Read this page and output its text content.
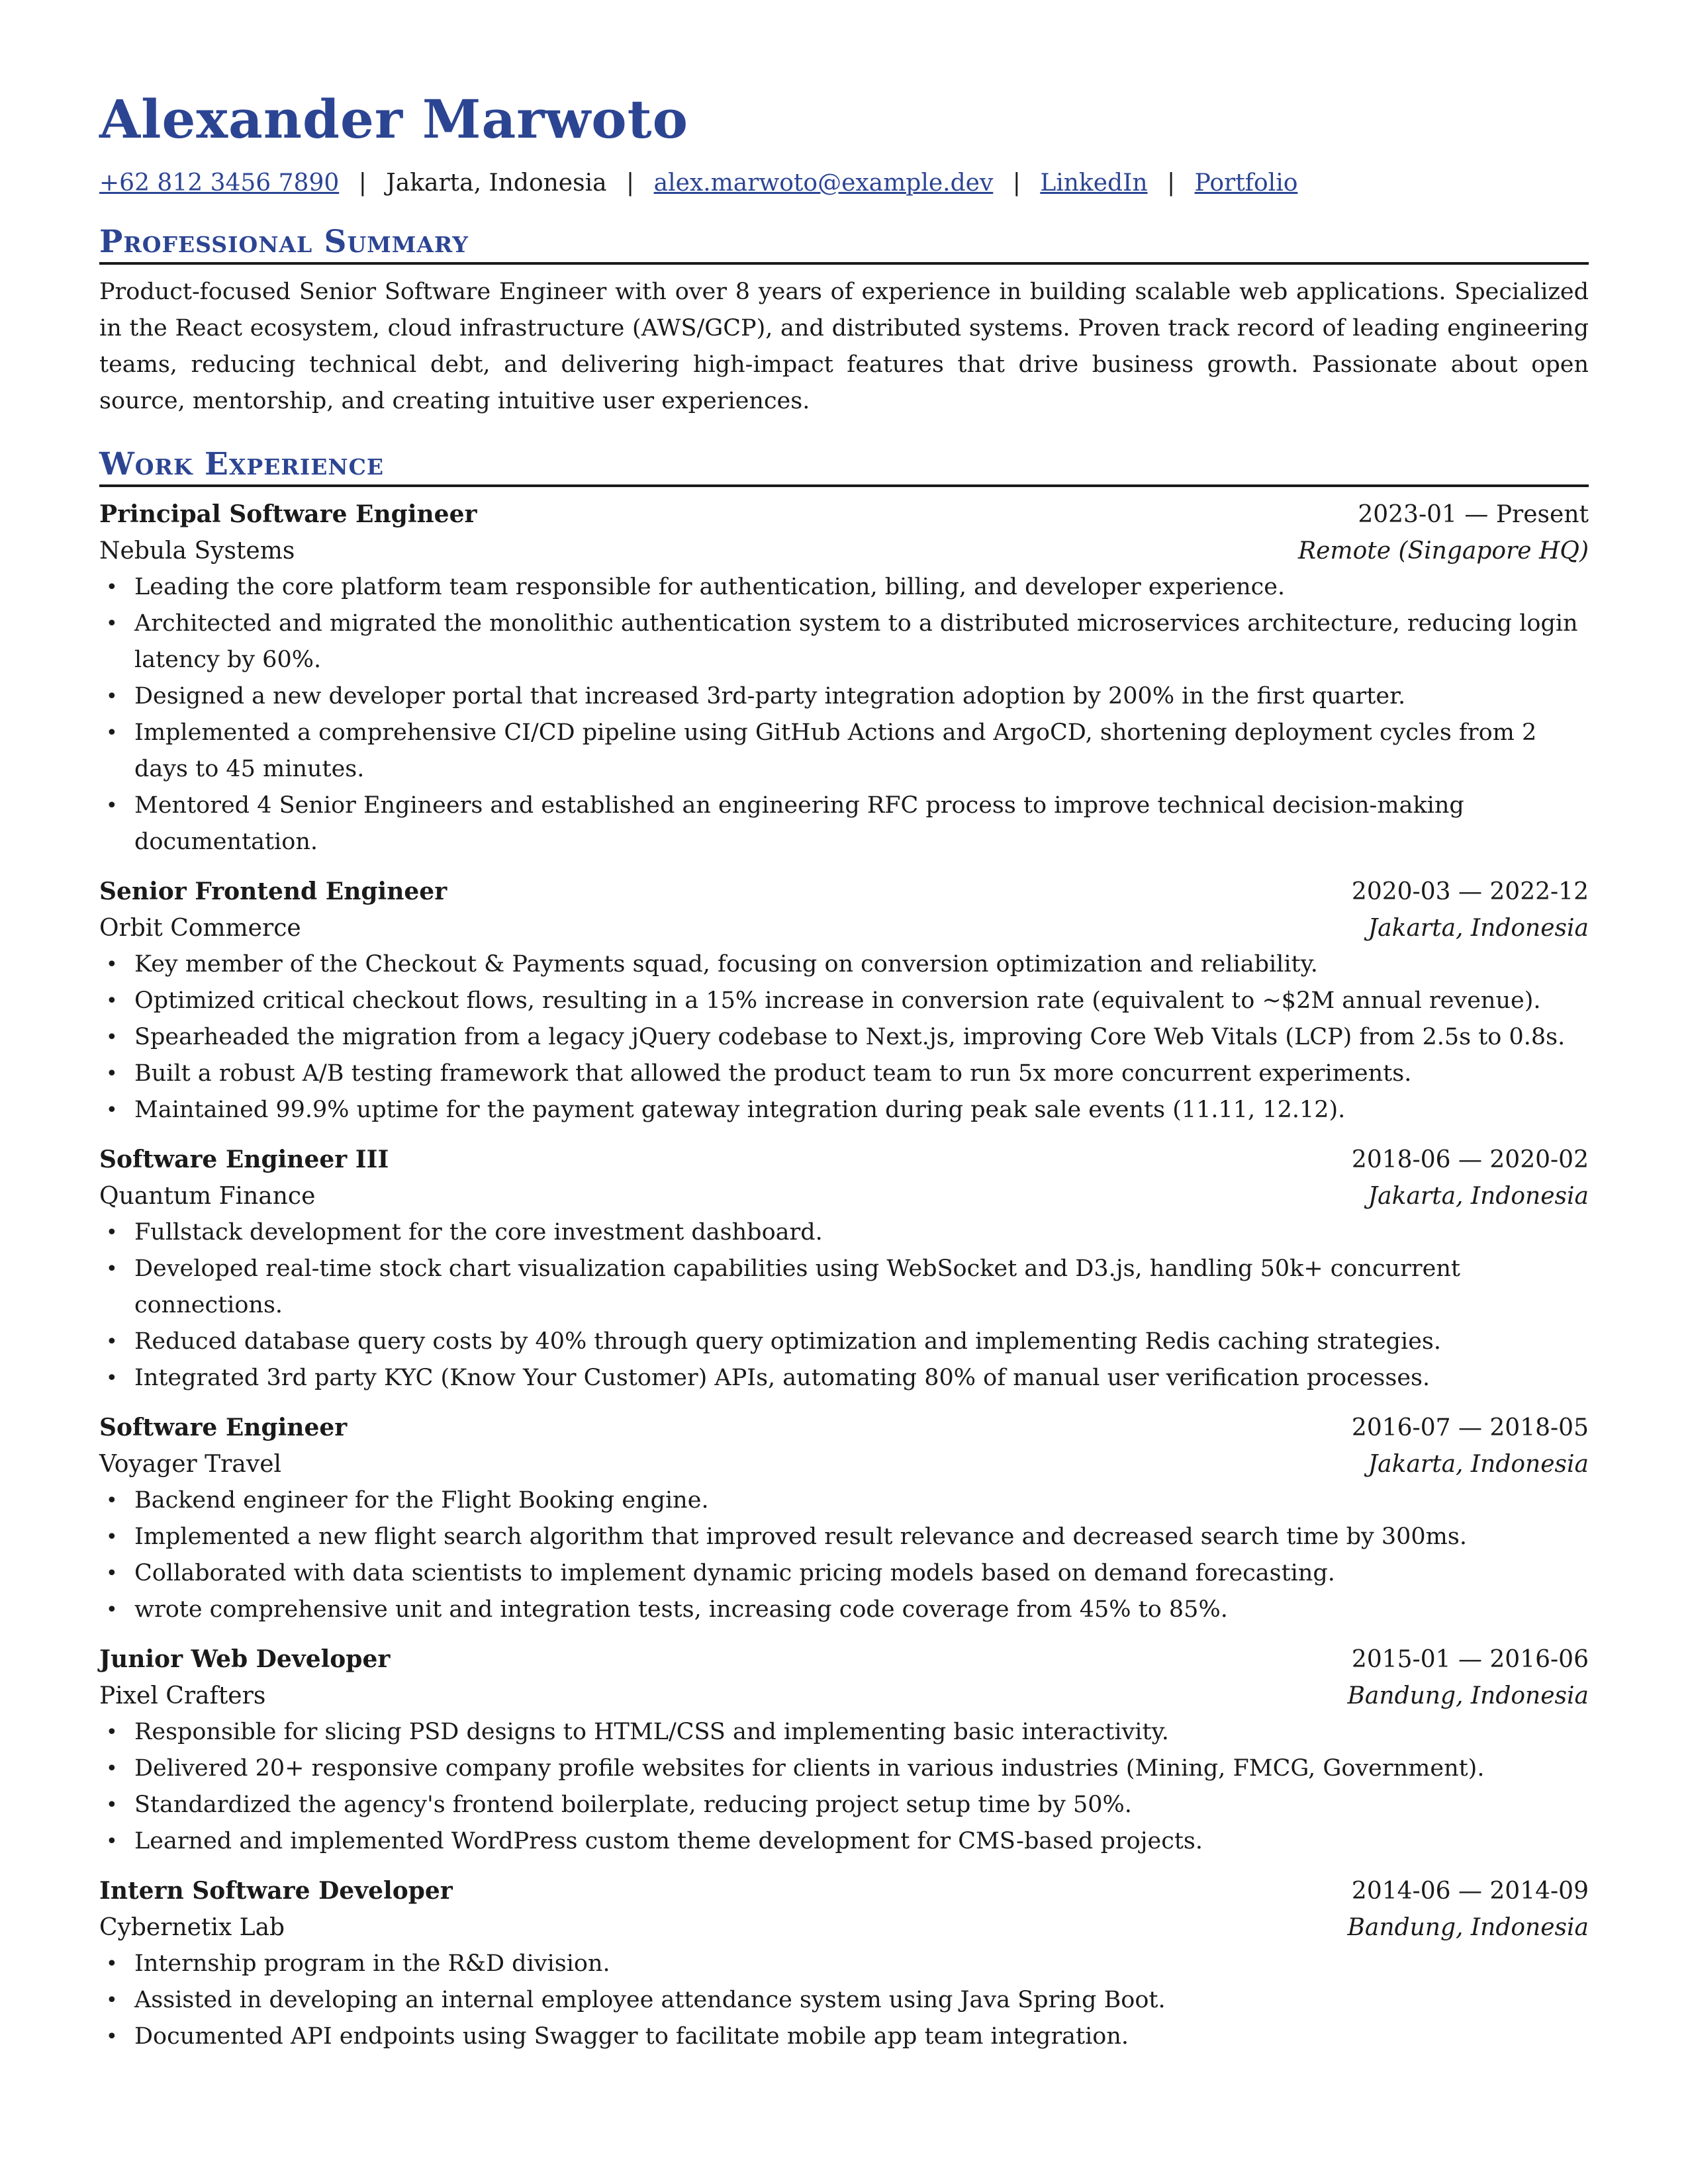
Alexander Marwoto
+62 812 3456 7890 | Jakarta, Indonesia | alex.marwoto@example.dev | LinkedIn | Portfolio
Professional Summary
Product-focused Senior Software Engineer with over 8 years of experience in building scalable web applications. Specialized in the React ecosystem, cloud infrastructure (AWS/GCP), and distributed systems. Proven track record of leading engineering teams, reducing technical debt, and delivering high-impact features that drive business growth. Passionate about open source, mentorship, and creating intuitive user experiences.
Work Experience
Principal Software Engineer	2023-01 — Present
Nebula Systems	Remote (Singapore HQ)
• Leading the core platform team responsible for authentication, billing, and developer experience.
• Architected and migrated the monolithic authentication system to a distributed microservices architecture, reducing login latency by 60%.
• Designed a new developer portal that increased 3rd-party integration adoption by 200% in the first quarter.
• Implemented a comprehensive CI/CD pipeline using GitHub Actions and ArgoCD, shortening deployment cycles from 2 days to 45 minutes.
• Mentored 4 Senior Engineers and established an engineering RFC process to improve technical decision-making documentation.
Senior Frontend Engineer	2020-03 — 2022-12
Orbit Commerce	Jakarta, Indonesia
• Key member of the Checkout & Payments squad, focusing on conversion optimization and reliability.
• Optimized critical checkout flows, resulting in a 15% increase in conversion rate (equivalent to ~$2M annual revenue).
• Spearheaded the migration from a legacy jQuery codebase to Next.js, improving Core Web Vitals (LCP) from 2.5s to 0.8s.
• Built a robust A/B testing framework that allowed the product team to run 5x more concurrent experiments.
• Maintained 99.9% uptime for the payment gateway integration during peak sale events (11.11, 12.12).
Software Engineer III	2018-06 — 2020-02
Quantum Finance	Jakarta, Indonesia
• Fullstack development for the core investment dashboard.
• Developed real-time stock chart visualization capabilities using WebSocket and D3.js, handling 50k+ concurrent connections.
• Reduced database query costs by 40% through query optimization and implementing Redis caching strategies.
• Integrated 3rd party KYC (Know Your Customer) APIs, automating 80% of manual user verification processes.
Software Engineer	2016-07 — 2018-05
Voyager Travel	Jakarta, Indonesia
• Backend engineer for the Flight Booking engine.
• Implemented a new flight search algorithm that improved result relevance and decreased search time by 300ms.
• Collaborated with data scientists to implement dynamic pricing models based on demand forecasting.
• wrote comprehensive unit and integration tests, increasing code coverage from 45% to 85%.
Junior Web Developer	2015-01 — 2016-06
Pixel Crafters	Bandung, Indonesia
• Responsible for slicing PSD designs to HTML/CSS and implementing basic interactivity.
• Delivered 20+ responsive company profile websites for clients in various industries (Mining, FMCG, Government).
• Standardized the agency's frontend boilerplate, reducing project setup time by 50%.
• Learned and implemented WordPress custom theme development for CMS-based projects.
Intern Software Developer	2014-06 — 2014-09
Cybernetix Lab	Bandung, Indonesia
• Internship program in the R&D division.
• Assisted in developing an internal employee attendance system using Java Spring Boot.
• Documented API endpoints using Swagger to facilitate mobile app team integration.
